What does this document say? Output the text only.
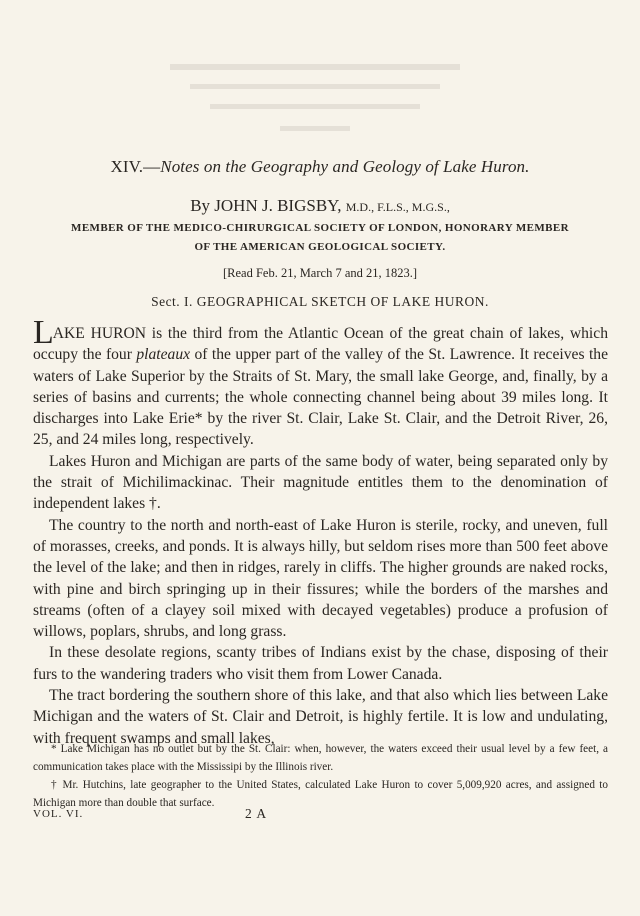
XIV.—Notes on the Geography and Geology of Lake Huron.
By JOHN J. BIGSBY, M.D., F.L.S., M.G.S.,
MEMBER OF THE MEDICO-CHIRURGICAL SOCIETY OF LONDON, HONORARY MEMBER
OF THE AMERICAN GEOLOGICAL SOCIETY.
[Read Feb. 21, March 7 and 21, 1823.]
Sect. I. GEOGRAPHICAL SKETCH OF LAKE HURON.

LAKE HURON is the third from the Atlantic Ocean of the great chain of lakes, which occupy the four plateaux of the upper part of the valley of the St. Lawrence. It receives the waters of Lake Superior by the Straits of St. Mary, the small lake George, and, finally, by a series of basins and currents; the whole connecting channel being about 39 miles long. It discharges into Lake Erie* by the river St. Clair, Lake St. Clair, and the Detroit River, 26, 25, and 24 miles long, respectively.

Lakes Huron and Michigan are parts of the same body of water, being separated only by the strait of Michilimackinac. Their magnitude entitles them to the denomination of independent lakes †.

The country to the north and north-east of Lake Huron is sterile, rocky, and uneven, full of morasses, creeks, and ponds. It is always hilly, but seldom rises more than 500 feet above the level of the lake; and then in ridges, rarely in cliffs. The higher grounds are naked rocks, with pine and birch springing up in their fissures; while the borders of the marshes and streams (often of a clayey soil mixed with decayed vegetables) produce a profusion of willows, poplars, shrubs, and long grass.

In these desolate regions, scanty tribes of Indians exist by the chase, disposing of their furs to the wandering traders who visit them from Lower Canada.

The tract bordering the southern shore of this lake, and that also which lies between Lake Michigan and the waters of St. Clair and Detroit, is highly fertile. It is low and undulating, with frequent swamps and small lakes,

* Lake Michigan has no outlet but by the St. Clair: when, however, the waters exceed their usual level by a few feet, a communication takes place with the Mississipi by the Illinois river.

† Mr. Hutchins, late geographer to the United States, calculated Lake Huron to cover 5,009,920 acres, and assigned to Michigan more than double that surface.

VOL. VI.	2 A
